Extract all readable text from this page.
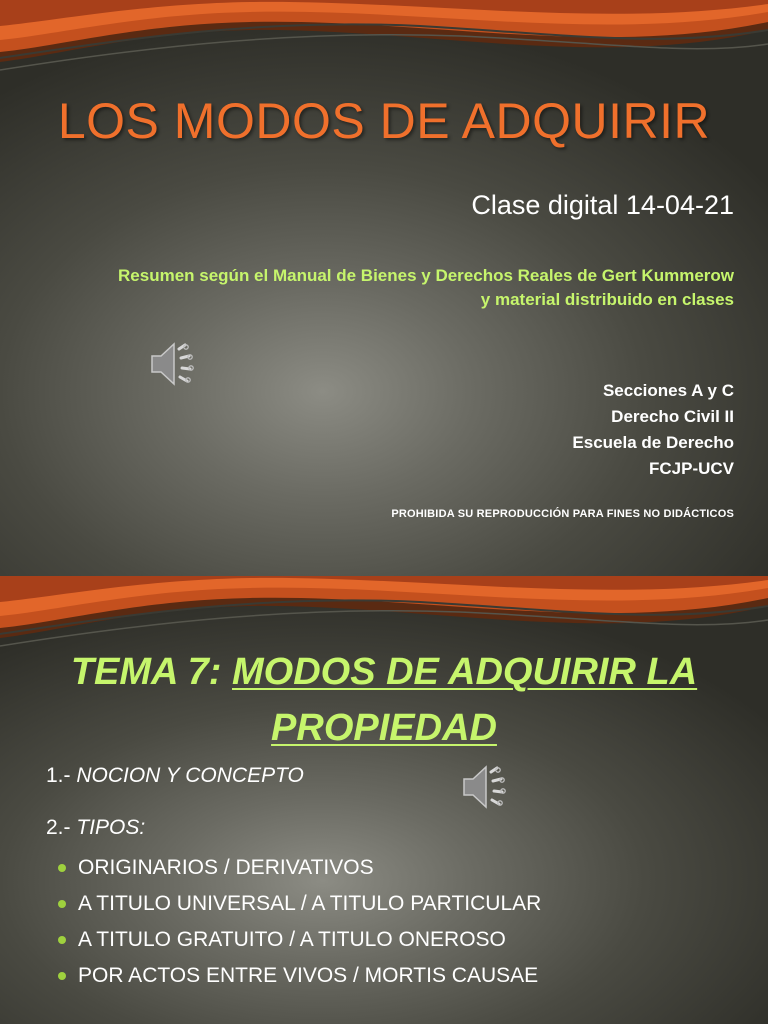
LOS MODOS DE ADQUIRIR
Clase digital 14-04-21
Resumen según el Manual de Bienes y Derechos Reales de Gert Kummerow y material distribuido en clases
Secciones A y C
Derecho Civil II
Escuela de Derecho
FCJP-UCV
PROHIBIDA SU REPRODUCCIÓN PARA FINES NO DIDÁCTICOS
TEMA 7: MODOS DE ADQUIRIR LA PROPIEDAD
1.- NOCION Y CONCEPTO
2.- TIPOS:
ORIGINARIOS / DERIVATIVOS
A TITULO UNIVERSAL / A TITULO PARTICULAR
A TITULO GRATUITO / A TITULO ONEROSO
POR ACTOS ENTRE VIVOS / MORTIS CAUSAE
